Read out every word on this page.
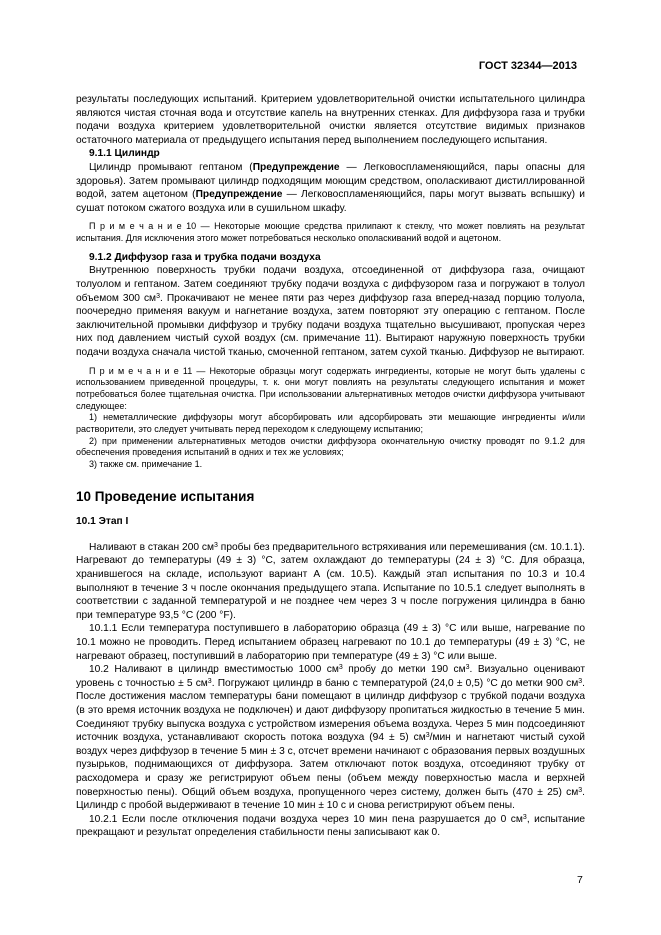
ГОСТ 32344—2013

результаты последующих испытаний. Критерием удовлетворительной очистки испытательного цилиндра являются чистая сточная вода и отсутствие капель на внутренних стенках. Для диффузора газа и трубки подачи воздуха критерием удовлетворительной очистки является отсутствие видимых признаков остаточного материала от предыдущего испытания перед выполнением последующего испытания.

9.1.1 Цилиндр

Цилиндр промывают гептаном (Предупреждение — Легковоспламеняющийся, пары опасны для здоровья). Затем промывают цилиндр подходящим моющим средством, ополаскивают дистиллированной водой, затем ацетоном (Предупреждение — Легковоспламеняющийся, пары могут вызвать вспышку) и сушат потоком сжатого воздуха или в сушильном шкафу.

П р и м е ч а н и е 10 — Некоторые моющие средства прилипают к стеклу, что может повлиять на результат испытания. Для исключения этого может потребоваться несколько ополаскиваний водой и ацетоном.

9.1.2 Диффузор газа и трубка подачи воздуха

Внутреннюю поверхность трубки подачи воздуха, отсоединенной от диффузора газа, очищают толуолом и гептаном. Затем соединяют трубку подачи воздуха с диффузором газа и погружают в толуол объемом 300 $см^3$. Прокачивают не менее пяти раз через диффузор газа вперед-назад порцию толуола, поочередно применяя вакуум и нагнетание воздуха, затем повторяют эту операцию с гептаном. После заключительной промывки диффузор и трубку подачи воздуха тщательно высушивают, пропуская через них под давлением чистый сухой воздух (см. примечание 11). Вытирают наружную поверхность трубки подачи воздуха сначала чистой тканью, смоченной гептаном, затем сухой тканью. Диффузор не вытирают.

П р и м е ч а н и е 11 — Некоторые образцы могут содержать ингредиенты, которые не могут быть удалены с использованием приведенной процедуры, т. к. они могут повлиять на результаты следующего испытания и может потребоваться более тщательная очистка. При использовании альтернативных методов очистки диффузора учитывают следующее:

1) неметаллические диффузоры могут абсорбировать или адсорбировать эти мешающие ингредиенты и/или растворители, это следует учитывать перед переходом к следующему испытанию;

2) при применении альтернативных методов очистки диффузора окончательную очистку проводят по 9.1.2 для обеспечения проведения испытаний в одних и тех же условиях;

3) также см. примечание 1.

10 Проведение испытания
10.1 Этап I

Наливают в стакан 200 $см^3$ пробы без предварительного встряхивания или перемешивания (см. 10.1.1). Нагревают до температуры (49 ± 3) °С, затем охлаждают до температуры (24 ± 3) °С. Для образца, хранившегося на складе, используют вариант А (см. 10.5). Каждый этап испытания по 10.3 и 10.4 выполняют в течение 3 ч после окончания предыдущего этапа. Испытание по 10.5.1 следует выполнять в соответствии с заданной температурой и не позднее чем через 3 ч после погружения цилиндра в баню при температуре 93,5 °С (200 °F).

10.1.1 Если температура поступившего в лабораторию образца (49 ± 3) °С или выше, нагревание по 10.1 можно не проводить. Перед испытанием образец нагревают по 10.1 до температуры (49 ± 3) °С, не нагревают образец, поступивший в лабораторию при температуре (49 ± 3) °С или выше.

10.2 Наливают в цилиндр вместимостью 1000 $см^3$ пробу до метки 190 $см^3$. Визуально оценивают уровень с точностью ± 5 $см^3$. Погружают цилиндр в баню с температурой (24,0 ± 0,5) °С до метки 900 $см^3$. После достижения маслом температуры бани помещают в цилиндр диффузор с трубкой подачи воздуха (в это время источник воздуха не подключен) и дают диффузору пропитаться жидкостью в течение 5 мин. Соединяют трубку выпуска воздуха с устройством измерения объема воздуха. Через 5 мин подсоединяют источник воздуха, устанавливают скорость потока воздуха (94 ± 5) $см^3$/мин и нагнетают чистый сухой воздух через диффузор в течение 5 мин ± 3 с, отсчет времени начинают с образования первых воздушных пузырьков, поднимающихся от диффузора. Затем отключают поток воздуха, отсоединяют трубку от расходомера и сразу же регистрируют объем пены (объем между поверхностью масла и верхней поверхностью пены). Общий объем воздуха, пропущенного через систему, должен быть (470 ± 25) $см^3$. Цилиндр с пробой выдерживают в течение 10 мин ± 10 с и снова регистрируют объем пены.

10.2.1 Если после отключения подачи воздуха через 10 мин пена разрушается до 0 $см^3$, испытание прекращают и результат определения стабильности пены записывают как 0.

7
